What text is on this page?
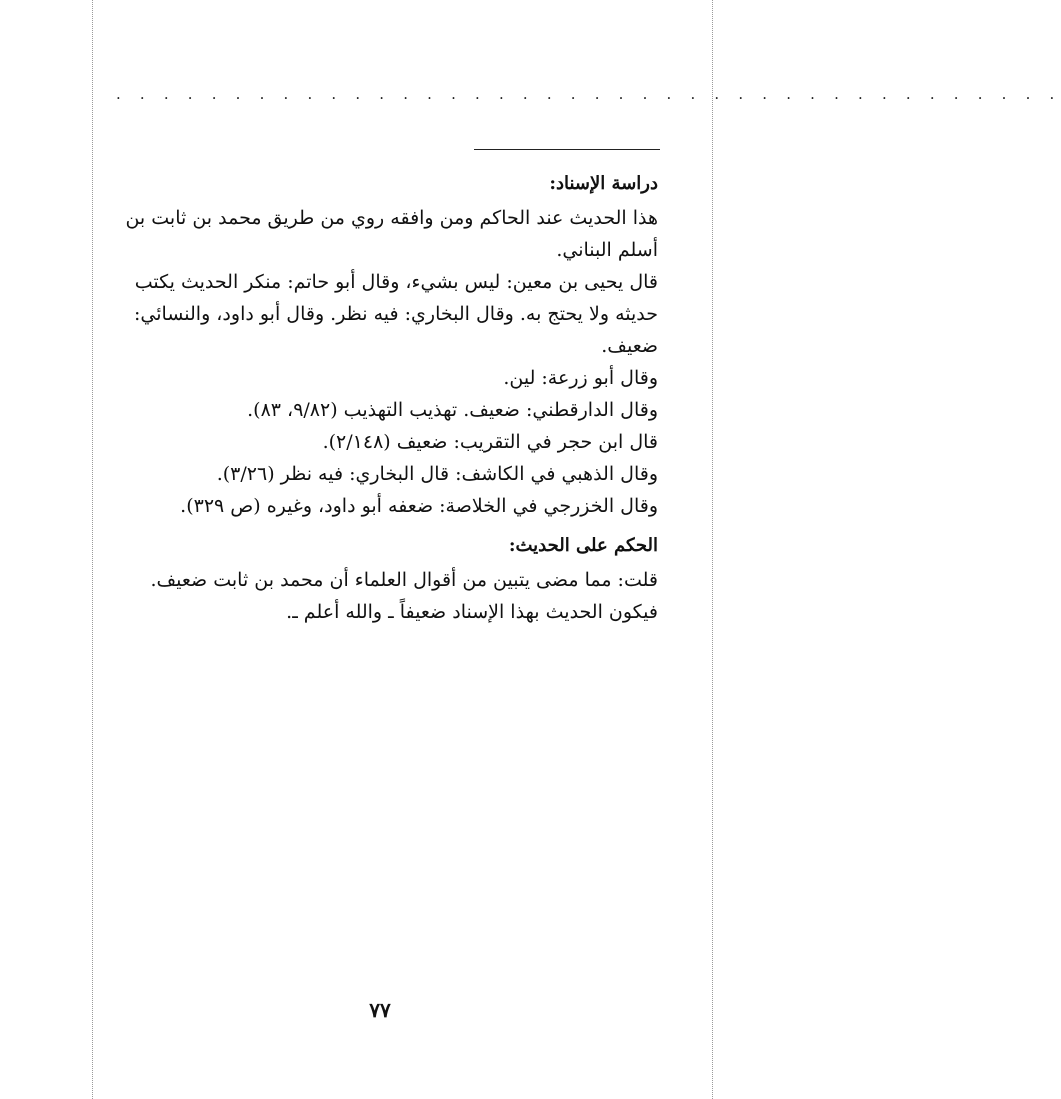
· · · · · · · · · · · · · · · · · · · · · · · · · · · · · · · · · · · · · · · ·

دراسة الإسناد:

هذا الحديث عند الحاكم ومن وافقه روي من طريق محمد بن ثابت بن أسلم البناني.

قال يحيى بن معين: ليس بشيء، وقال أبو حاتم: منكر الحديث يكتب حديثه ولا يحتج به. وقال البخاري: فيه نظر. وقال أبو داود، والنسائي: ضعيف.

وقال أبو زرعة: لين.

وقال الدارقطني: ضعيف. تهذيب التهذيب (٩/٨٢، ٨٣).

قال ابن حجر في التقريب: ضعيف (٢/١٤٨).

وقال الذهبي في الكاشف: قال البخاري: فيه نظر (٣/٢٦).

وقال الخزرجي في الخلاصة: ضعفه أبو داود، وغيره (ص ٣٢٩).

الحكم على الحديث:

قلت: مما مضى يتبين من أقوال العلماء أن محمد بن ثابت ضعيف. فيكون الحديث بهذا الإسناد ضعيفاً ـ والله أعلم ـ.

٧٧
